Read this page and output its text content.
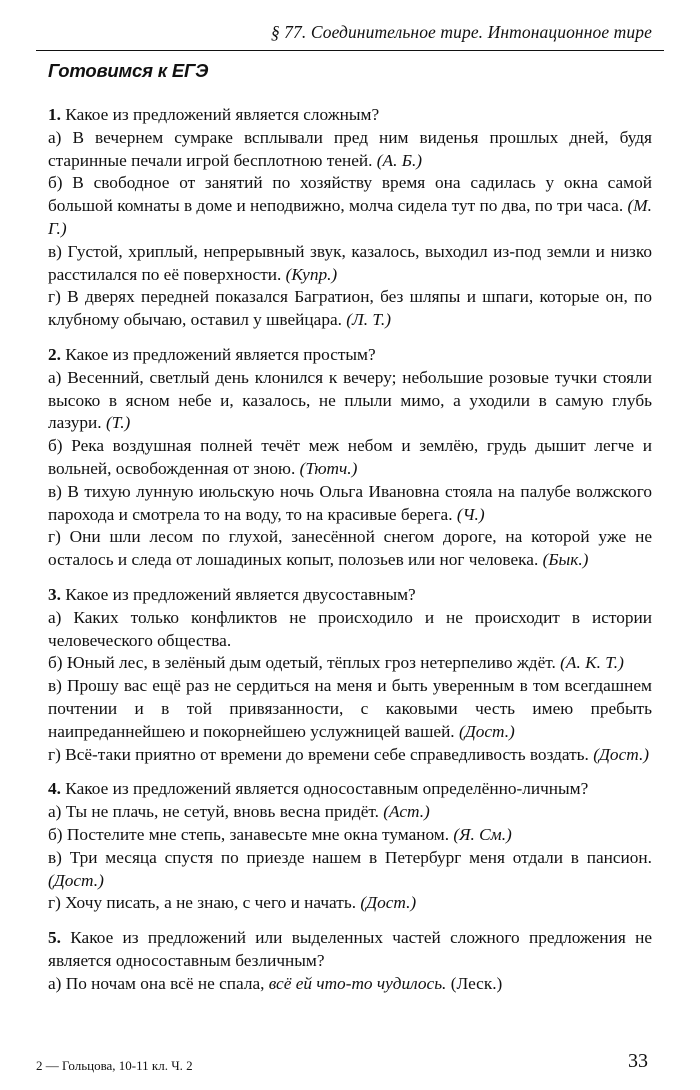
§ 77. Соединительное тире. Интонационное тире
Готовимся к ЕГЭ

1. Какое из предложений является сложным?

а) В вечернем сумраке всплывали пред ним виденья прошлых дней, будя старинные печали игрой бесплотною теней. (А. Б.)

б) В свободное от занятий по хозяйству время она садилась у окна самой большой комнаты в доме и неподвижно, молча сидела тут по два, по три часа. (М. Г.)

в) Густой, хриплый, непрерывный звук, казалось, выходил из-под земли и низко расстилался по её поверхности. (Купр.)

г) В дверях передней показался Багратион, без шляпы и шпаги, которые он, по клубному обычаю, оставил у швейцара. (Л. Т.)

2. Какое из предложений является простым?

а) Весенний, светлый день клонился к вечеру; небольшие розовые тучки стояли высоко в ясном небе и, казалось, не плыли мимо, а уходили в самую глубь лазури. (Т.)

б) Река воздушная полней течёт меж небом и землёю, грудь дышит легче и вольней, освобожденная от зною. (Тютч.)

в) В тихую лунную июльскую ночь Ольга Ивановна стояла на палубе волжского парохода и смотрела то на воду, то на красивые берега. (Ч.)

г) Они шли лесом по глухой, занесённой снегом дороге, на которой уже не осталось и следа от лошадиных копыт, полозьев или ног человека. (Бык.)

3. Какое из предложений является двусоставным?

а) Каких только конфликтов не происходило и не происходит в истории человеческого общества.

б) Юный лес, в зелёный дым одетый, тёплых гроз нетерпеливо ждёт. (А. К. Т.)

в) Прошу вас ещё раз не сердиться на меня и быть уверенным в том всегдашнем почтении и в той привязанности, с каковыми честь имею пребыть наипреданнейшею и покорнейшею услужницей вашей. (Дост.)

г) Всё-таки приятно от времени до времени себе справедливость воздать. (Дост.)

4. Какое из предложений является односоставным определённо-личным?

а) Ты не плачь, не сетуй, вновь весна придёт. (Аст.)

б) Постелите мне степь, занавесьте мне окна туманом. (Я. См.)

в) Три месяца спустя по приезде нашем в Петербург меня отдали в пансион. (Дост.)

г) Хочу писать, а не знаю, с чего и начать. (Дост.)

5. Какое из предложений или выделенных частей сложного предложения не является односоставным безличным?

а) По ночам она всё не спала, всё ей что-то чудилось. (Леск.)

2 — Гольцова, 10-11 кл. Ч. 2	33
